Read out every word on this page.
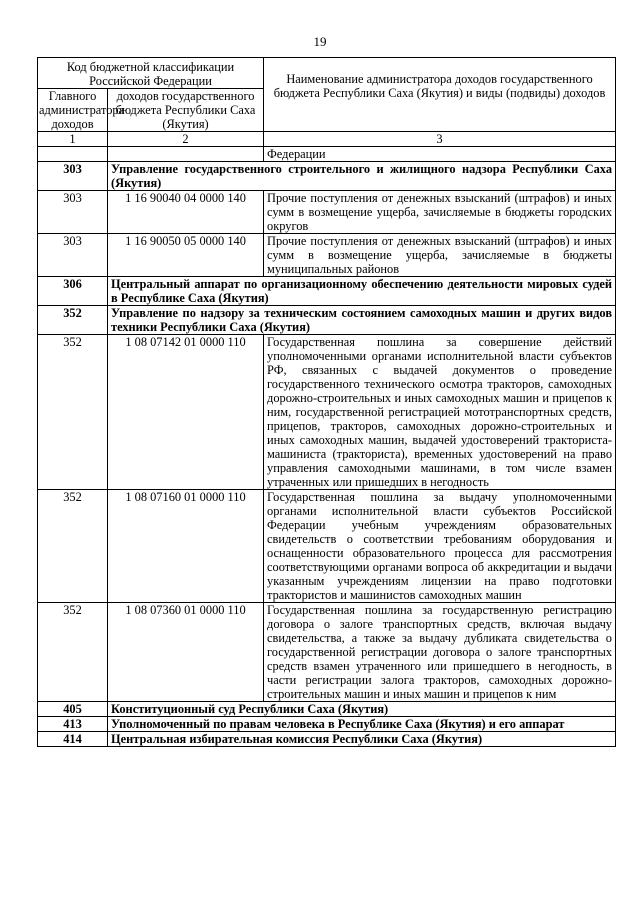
19
Код бюджетной классификации Российской Федерации		Наименование администратора доходов государственного бюджета Республики Саха (Якутия) и виды (подвиды) доходов
Главного администратора доходов	доходов государственного бюджета Республики Саха (Якутия)	
1	2	3
		Федерации
303	Управление государственного строительного и жилищного надзора Республики Саха (Якутия)	
303	1 16 90040 04 0000 140	Прочие поступления от денежных взысканий (штрафов) и иных сумм в возмещение ущерба, зачисляемые в бюджеты городских округов
303	1 16 90050 05 0000 140	Прочие поступления от денежных взысканий (штрафов) и иных сумм в возмещение ущерба, зачисляемые в бюджеты муниципальных районов
306	Центральный аппарат по организационному обеспечению деятельности мировых судей в Республике Саха (Якутия)	
352	Управление по надзору за техническим состоянием самоходных машин и других видов техники Республики Саха (Якутия)	
352	1 08 07142 01 0000 110	Государственная пошлина за совершение действий уполномоченными органами исполнительной власти субъектов РФ, связанных с выдачей документов о проведение государственного технического осмотра тракторов, самоходных дорожно-строительных и иных самоходных машин и прицепов к ним, государственной регистрацией мототранспортных средств, прицепов, тракторов, самоходных дорожно-строительных и иных самоходных машин, выдачей удостоверений тракториста-машиниста (тракториста), временных удостоверений на право управления самоходными машинами, в том числе взамен утраченных или пришедших в негодность
352	1 08 07160 01 0000 110	Государственная пошлина за выдачу уполномоченными органами исполнительной власти субъектов Российской Федерации учебным учреждениям образовательных свидетельств о соответствии требованиям оборудования и оснащенности образовательного процесса для рассмотрения соответствующими органами вопроса об аккредитации и выдачи указанным учреждениям лицензии на право подготовки трактористов и машинистов самоходных машин
352	1 08 07360 01 0000 110	Государственная пошлина за государственную регистрацию договора о залоге транспортных средств, включая выдачу свидетельства, а также за выдачу дубликата свидетельства о государственной регистрации договора о залоге транспортных средств взамен утраченного или пришедшего в негодность, в части регистрации залога тракторов, самоходных дорожно-строительных машин и иных машин и прицепов к ним
405	Конституционный суд Республики Саха (Якутия)	
413	Уполномоченный по правам человека в Республике Саха (Якутия) и его аппарат	
414	Центральная избирательная комиссия Республики Саха (Якутия)	
